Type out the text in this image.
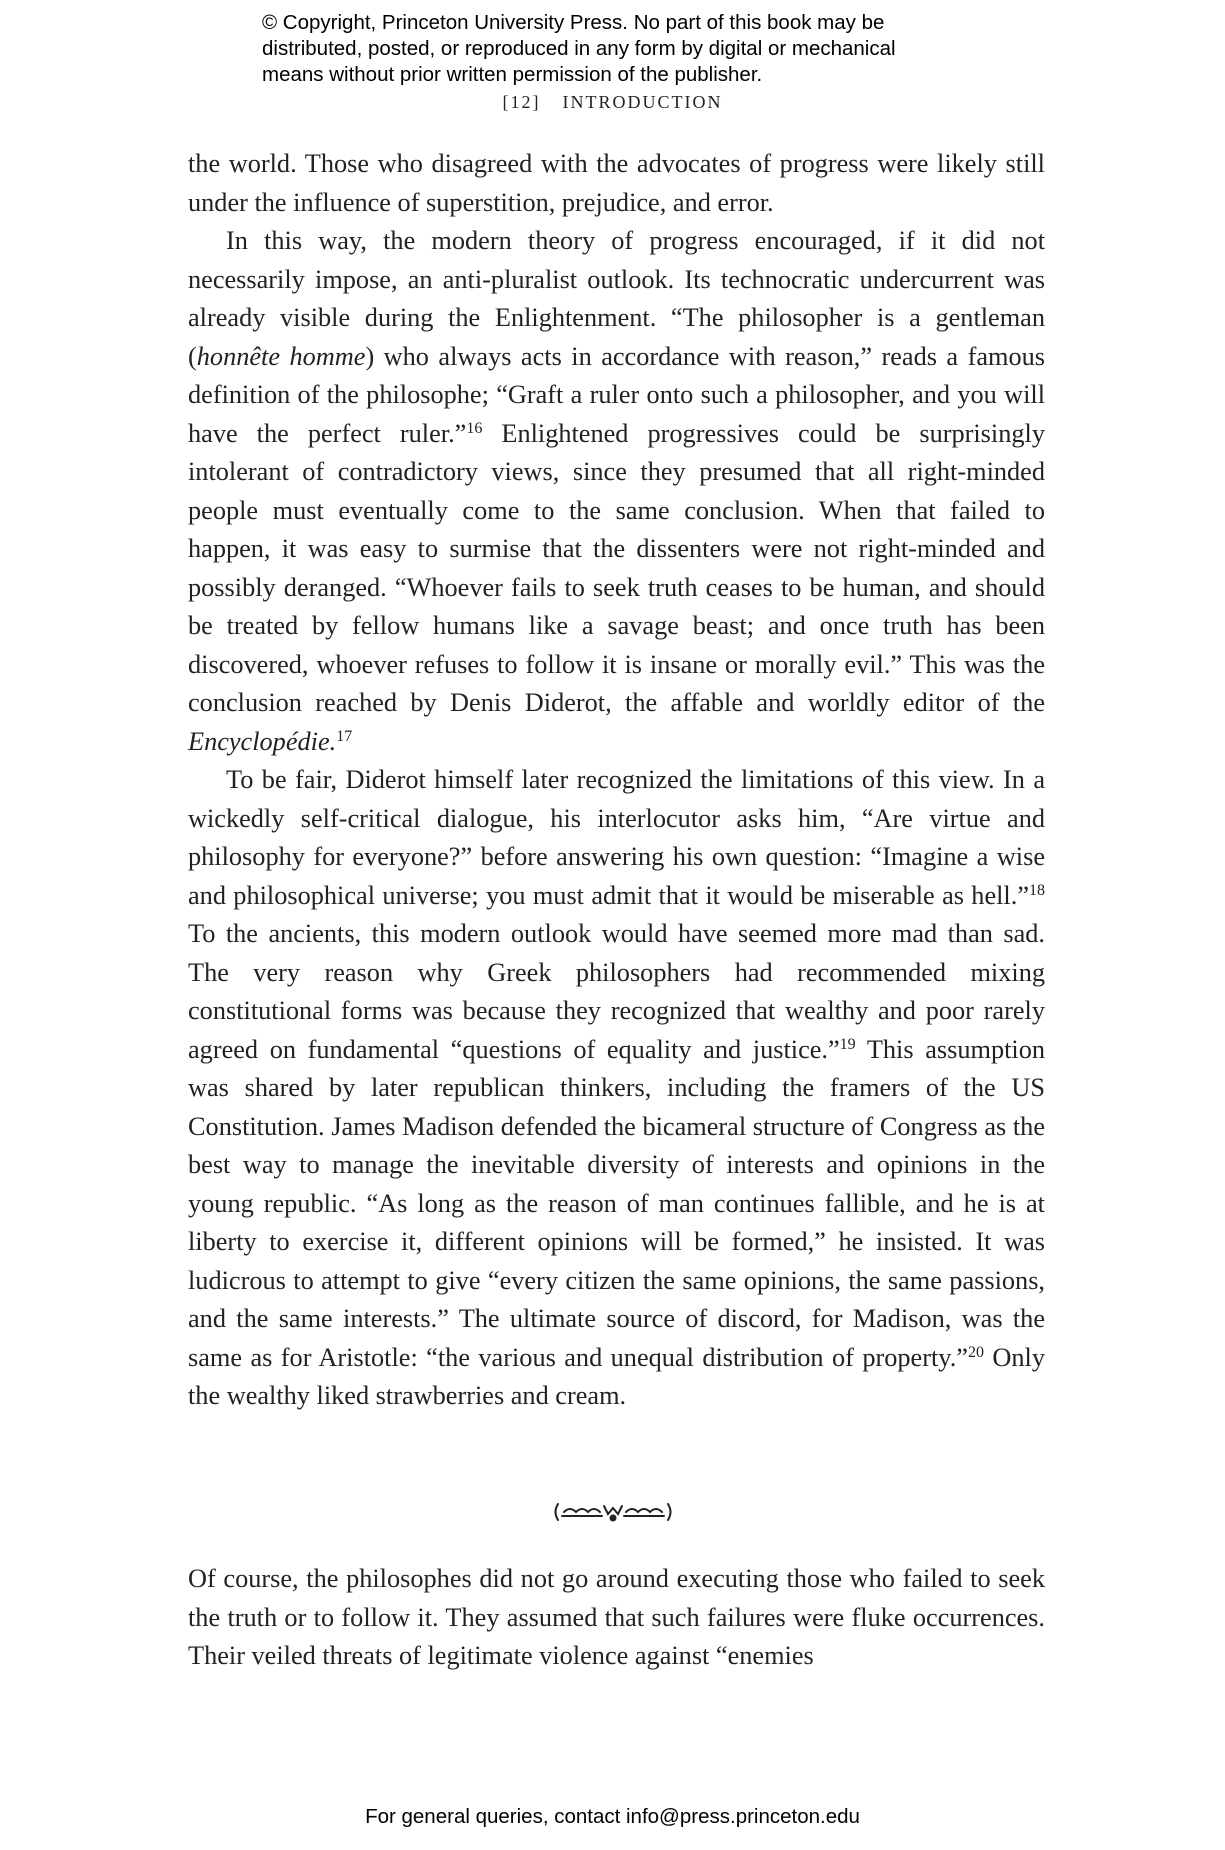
© Copyright, Princeton University Press. No part of this book may be
distributed, posted, or reproduced in any form by digital or mechanical
means without prior written permission of the publisher.
[12] INTRODUCTION

the world. Those who disagreed with the advocates of progress were likely still under the influence of superstition, prejudice, and error.

In this way, the modern theory of progress encouraged, if it did not necessarily impose, an anti-pluralist outlook. Its technocratic undercurrent was already visible during the Enlightenment. “The philosopher is a gentleman (honnête homme) who always acts in accordance with reason,” reads a famous definition of the philosophe; “Graft a ruler onto such a philosopher, and you will have the perfect ruler.”$^{16}$ Enlightened progressives could be surprisingly intolerant of contradictory views, since they presumed that all right-minded people must eventually come to the same conclusion. When that failed to happen, it was easy to surmise that the dissenters were not right-minded and possibly deranged. “Whoever fails to seek truth ceases to be human, and should be treated by fellow humans like a savage beast; and once truth has been discovered, whoever refuses to follow it is insane or morally evil.” This was the conclusion reached by Denis Diderot, the affable and worldly editor of the Encyclopédie.$^{17}$

To be fair, Diderot himself later recognized the limitations of this view. In a wickedly self-critical dialogue, his interlocutor asks him, “Are virtue and philosophy for everyone?” before answering his own question: “Imagine a wise and philosophical universe; you must admit that it would be miserable as hell.”$^{18}$ To the ancients, this modern outlook would have seemed more mad than sad. The very reason why Greek philosophers had recommended mixing constitutional forms was because they recognized that wealthy and poor rarely agreed on fundamental “questions of equality and justice.”$^{19}$ This assumption was shared by later republican thinkers, including the framers of the US Constitution. James Madison defended the bicameral structure of Congress as the best way to manage the inevitable diversity of interests and opinions in the young republic. “As long as the reason of man continues fallible, and he is at liberty to exercise it, different opinions will be formed,” he insisted. It was ludicrous to attempt to give “every citizen the same opinions, the same passions, and the same interests.” The ultimate source of discord, for Madison, was the same as for Aristotle: “the various and unequal distribution of property.”$^{20}$ Only the wealthy liked strawberries and cream.

Of course, the philosophes did not go around executing those who failed to seek the truth or to follow it. They assumed that such failures were fluke occurrences. Their veiled threats of legitimate violence against “enemies

For general queries, contact info@press.princeton.edu
